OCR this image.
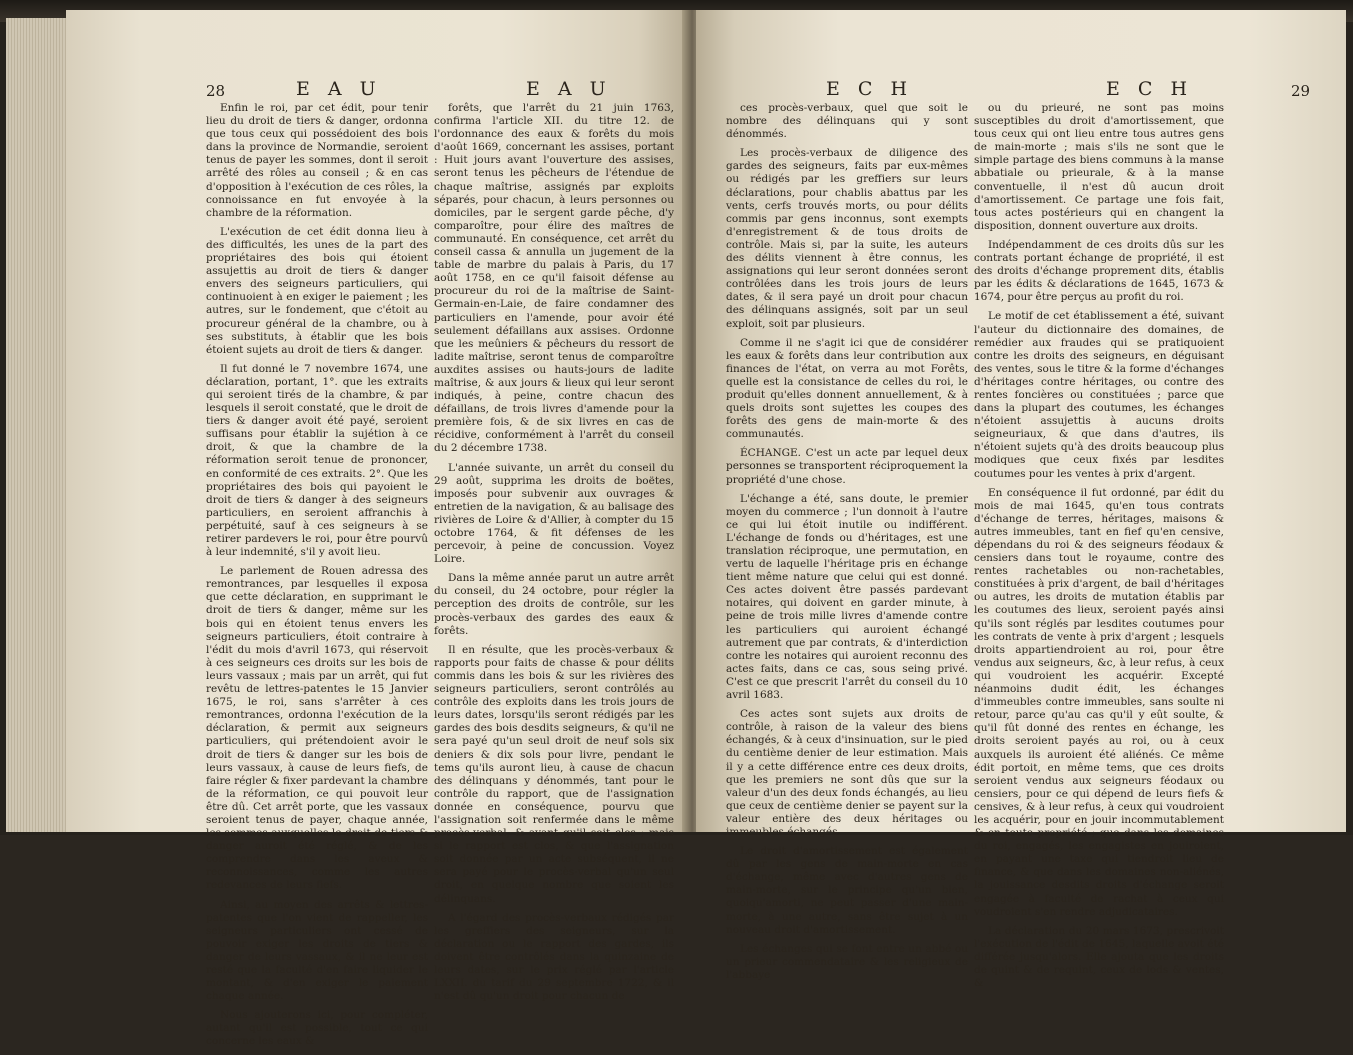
28	E A U	E A U

Enfin le roi, par cet édit, pour tenir lieu du droit de tiers & danger, ordonna que tous ceux qui possédoient des bois dans la province de Normandie, seroient tenus de payer les sommes, dont il seroit arrêté des rôles au conseil ; & en cas d'opposition à l'exécution de ces rôles, la connoissance en fut envoyée à la chambre de la réformation.

L'exécution de cet édit donna lieu à des difficultés, les unes de la part des propriétaires des bois qui étoient assujettis au droit de tiers & danger envers des seigneurs particuliers, qui continuoient à en exiger le paiement ; les autres, sur le fondement, que c'étoit au procureur général de la chambre, ou à ses substituts, à établir que les bois étoient sujets au droit de tiers & danger.

Il fut donné le 7 novembre 1674, une déclaration, portant, 1°. que les extraits qui seroient tirés de la chambre, & par lesquels il seroit constaté, que le droit de tiers & danger avoit été payé, seroient suffisans pour établir la sujétion à ce droit, & que la chambre de la réformation seroit tenue de prononcer, en conformité de ces extraits. 2°. Que les propriétaires des bois qui payoient le droit de tiers & danger à des seigneurs particuliers, en seroient affranchis à perpétuité, sauf à ces seigneurs à se retirer pardevers le roi, pour être pourvû à leur indemnité, s'il y avoit lieu.

Le parlement de Rouen adressa des remontrances, par lesquelles il exposa que cette déclaration, en supprimant le droit de tiers & danger, même sur les bois qui en étoient tenus envers les seigneurs particuliers, étoit contraire à l'édit du mois d'avril 1673, qui réservoit à ces seigneurs ces droits sur les bois de leurs vassaux ; mais par un arrêt, qui fut revêtu de lettres-patentes le 15 Janvier 1675, le roi, sans s'arrêter à ces remontrances, ordonna l'exécution de la déclaration, & permit aux seigneurs particuliers, qui prétendoient avoir le droit de tiers & danger sur les bois de leurs vassaux, à cause de leurs fiefs, de faire régler & fixer pardevant la chambre de la réformation, ce qui pouvoit leur être dû. Cet arrêt porte, que les vassaux seroient tenus de payer, chaque année, les sommes auxquelles le droit de tiers & danger auroit été réglé, & de les comprendre dans les aveux & reconnoissances, comme les autres redevances de leurs fiefs.

Ainsi, au moyen des arrêts & lettres-patentes que l'on vient de rappeller, les seigneurs particuliers ont cessé de pouvoir exiger les droits de tiers & danger de leurs vassaux, & il ne leur est resté que la faculté d'en faire liquider le montant, & d'en exiger le paiement chaque année.

Nous ajouterons ici, pour compléter, autant qu'il est possible, tout ce qui concerne les eaux &

forêts, que l'arrêt du 21 juin 1763, confirma l'article XII. du titre 12. de l'ordonnance des eaux & forêts du mois d'août 1669, concernant les assises, portant : Huit jours avant l'ouverture des assises, seront tenus les pêcheurs de l'étendue de chaque maîtrise, assignés par exploits séparés, pour chacun, à leurs personnes ou domiciles, par le sergent garde pêche, d'y comparoître, pour élire des maîtres de communauté. En conséquence, cet arrêt du conseil cassa & annulla un jugement de la table de marbre du palais à Paris, du 17 août 1758, en ce qu'il faisoit défense au procureur du roi de la maîtrise de Saint-Germain-en-Laie, de faire condamner des particuliers en l'amende, pour avoir été seulement défaillans aux assises. Ordonne que les meûniers & pêcheurs du ressort de ladite maîtrise, seront tenus de comparoître auxdites assises ou hauts-jours de ladite maîtrise, & aux jours & lieux qui leur seront indiqués, à peine, contre chacun des défaillans, de trois livres d'amende pour la première fois, & de six livres en cas de récidive, conformément à l'arrêt du conseil du 2 décembre 1738.

L'année suivante, un arrêt du conseil du 29 août, supprima les droits de boëtes, imposés pour subvenir aux ouvrages & entretien de la navigation, & au balisage des rivières de Loire & d'Allier, à compter du 15 octobre 1764, & fit défenses de les percevoir, à peine de concussion. Voyez Loire.

Dans la même année parut un autre arrêt du conseil, du 24 octobre, pour régler la perception des droits de contrôle, sur les procès-verbaux des gardes des eaux & forêts.

Il en résulte, que les procès-verbaux & rapports pour faits de chasse & pour délits commis dans les bois & sur les rivières des seigneurs particuliers, seront contrôlés au contrôle des exploits dans les trois jours de leurs dates, lorsqu'ils seront rédigés par les gardes des bois desdits seigneurs, & qu'il ne sera payé qu'un seul droit de neuf sols six deniers & dix sols pour livre, pendant le tems qu'ils auront lieu, à cause de chacun des délinquans y dénommés, tant pour le contrôle du rapport, que de l'assignation donnée en conséquence, pourvu que l'assignation soit renfermée dans le même procès-verbal, & avant qu'il soit clos ; mais si le rapport est clos, & que l'assignation soit donnée par un acte subséquent, il ne sera payé pour le procès-verbal qu'un seul droit, en quelque nombre que soient les délinquans.

A l'égard des procès-verbaux rédigés par les greffiers des seigneurs, sur la déclaration ou le rapport des gardes, ils doivent être contrôlés dans la quinzaine de leurs dates, sur le prix réglé par l'article LXXII. du tarif du 29 septembre 1722, & il n'est dû qu'un droit pour chacun de

E C H	E C H	29

ces procès-verbaux, quel que soit le nombre des délinquans qui y sont dénommés.

Les procès-verbaux de diligence des gardes des seigneurs, faits par eux-mêmes ou rédigés par les greffiers sur leurs déclarations, pour chablis abattus par les vents, cerfs trouvés morts, ou pour délits commis par gens inconnus, sont exempts d'enregistrement & de tous droits de contrôle. Mais si, par la suite, les auteurs des délits viennent à être connus, les assignations qui leur seront données seront contrôlées dans les trois jours de leurs dates, & il sera payé un droit pour chacun des délinquans assignés, soit par un seul exploit, soit par plusieurs.

Comme il ne s'agit ici que de considérer les eaux & forêts dans leur contribution aux finances de l'état, on verra au mot Forêts, quelle est la consistance de celles du roi, le produit qu'elles donnent annuellement, & à quels droits sont sujettes les coupes des forêts des gens de main-morte & des communautés.

ÉCHANGE. C'est un acte par lequel deux personnes se transportent réciproquement la propriété d'une chose.

L'échange a été, sans doute, le premier moyen du commerce ; l'un donnoit à l'autre ce qui lui étoit inutile ou indifférent. L'échange de fonds ou d'héritages, est une translation réciproque, une permutation, en vertu de laquelle l'héritage pris en échange tient même nature que celui qui est donné. Ces actes doivent être passés pardevant notaires, qui doivent en garder minute, à peine de trois mille livres d'amende contre les particuliers qui auroient échangé autrement que par contrats, & d'interdiction contre les notaires qui auroient reconnu des actes faits, dans ce cas, sous seing privé. C'est ce que prescrit l'arrêt du conseil du 10 avril 1683.

Ces actes sont sujets aux droits de contrôle, à raison de la valeur des biens échangés, & à ceux d'insinuation, sur le pied du centième denier de leur estimation. Mais il y a cette différence entre ces deux droits, que les premiers ne sont dûs que sur la valeur d'un des deux fonds échangés, au lieu que ceux de centième denier se payent sur la valeur entière des deux héritages ou immeubles échangés.

Le droit d'amortissement est également dû par les gens de main-morte en cas d'échange, même avec d'autres gens de main-morte, sur le principe qu'un bien, quoiqu'amorti, ne peut passer d'une main-morte, à une autre, sans être sujet à un nouveau droit d'amortissement.

Les échanges qui se font entre un abbé ou un prieur commendataire & les religieux de l'abbaye

ou du prieuré, ne sont pas moins susceptibles du droit d'amortissement, que tous ceux qui ont lieu entre tous autres gens de main-morte ; mais s'ils ne sont que le simple partage des biens communs à la manse abbatiale ou prieurale, & à la manse conventuelle, il n'est dû aucun droit d'amortissement. Ce partage une fois fait, tous actes postérieurs qui en changent la disposition, donnent ouverture aux droits.

Indépendamment de ces droits dûs sur les contrats portant échange de propriété, il est des droits d'échange proprement dits, établis par les édits & déclarations de 1645, 1673 & 1674, pour être perçus au profit du roi.

Le motif de cet établissement a été, suivant l'auteur du dictionnaire des domaines, de remédier aux fraudes qui se pratiquoient contre les droits des seigneurs, en déguisant des ventes, sous le titre & la forme d'échanges d'héritages contre héritages, ou contre des rentes foncières ou constituées ; parce que dans la plupart des coutumes, les échanges n'étoient assujettis à aucuns droits seigneuriaux, & que dans d'autres, ils n'étoient sujets qu'à des droits beaucoup plus modiques que ceux fixés par lesdites coutumes pour les ventes à prix d'argent.

En conséquence il fut ordonné, par édit du mois de mai 1645, qu'en tous contrats d'échange de terres, héritages, maisons & autres immeubles, tant en fief qu'en censive, dépendans du roi & des seigneurs féodaux & censiers dans tout le royaume, contre des rentes rachetables ou non-rachetables, constituées à prix d'argent, de bail d'héritages ou autres, les droits de mutation établis par les coutumes des lieux, seroient payés ainsi qu'ils sont réglés par lesdites coutumes pour les contrats de vente à prix d'argent ; lesquels droits appartiendroient au roi, pour être vendus aux seigneurs, &c, à leur refus, à ceux qui voudroient les acquérir. Excepté néanmoins dudit édit, les échanges d'immeubles contre immeubles, sans soulte ni retour, parce qu'au cas qu'il y eût soulte, & qu'il fût donné des rentes en échange, les droits seroient payés au roi, ou à ceux auxquels ils auroient été aliénés. Ce même édit portoit, en même tems, que ces droits seroient vendus aux seigneurs féodaux ou censiers, pour ce qui dépend de leurs fiefs & censives, & à leur refus, à ceux qui voudroient les acquérir, pour en jouir incommutablement & en toute propriété ; que dans les domaines du roi, engagés, les engagistes en jouiroient, en payant une taxe qui tiendroit lieu de finance, & que dans les domaines non-aliénés, la jouissance desdits droits d'échange seroit engagée à faculté de rachat à ceux qui voudroient s'en rendre adjudicataires.

La déclaration du 20 mars 1673, prescrivoit l'exécution de l'édit de 1645, laquelle avoit été différée jusqu'alors. Elle ajouta que les droits de quint & de requint, ceux de lods & ventes, &
